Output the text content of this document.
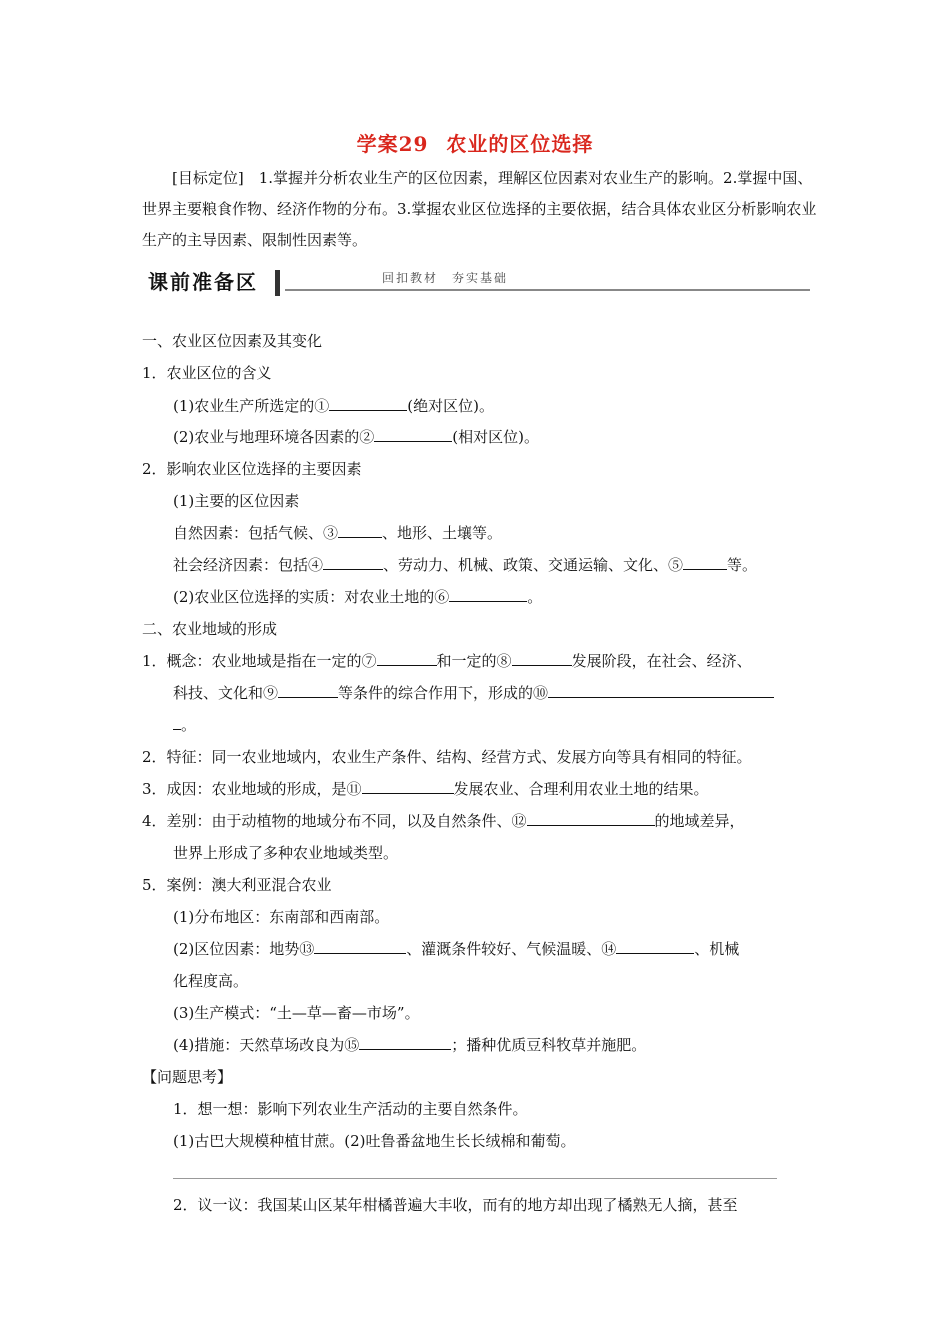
学案29 农业的区位选择
[目标定位]　1.掌握并分析农业生产的区位因素，理解区位因素对农业生产的影响。2.掌握中国、世界主要粮食作物、经济作物的分布。3.掌握农业区位选择的主要依据，结合具体农业区分析影响农业生产的主导因素、限制性因素等。
课前准备区	回扣教材　夯实基础
一、农业区位因素及其变化
1．农业区位的含义
(1)农业生产所选定的①	(绝对区位)。
(2)农业与地理环境各因素的②	(相对区位)。
2．影响农业区位选择的主要因素
(1)主要的区位因素
自然因素：包括气候、③	、地形、土壤等。
社会经济因素：包括④	、劳动力、机械、政策、交通运输、文化、⑤	等。
(2)农业区位选择的实质：对农业土地的⑥	。
二、农业地域的形成
1．概念：农业地域是指在一定的⑦	和一定的⑧	发展阶段，在社会、经济、
科技、文化和⑨	等条件的综合作用下，形成的⑩
。
2．特征：同一农业地域内，农业生产条件、结构、经营方式、发展方向等具有相同的特征。
3．成因：农业地域的形成，是⑪	发展农业、合理利用农业土地的结果。
4．差别：由于动植物的地域分布不同，以及自然条件、⑫	的地域差异，
世界上形成了多种农业地域类型。
5．案例：澳大利亚混合农业
(1)分布地区：东南部和西南部。
(2)区位因素：地势⑬	、灌溉条件较好、气候温暖、⑭	、机械
化程度高。
(3)生产模式：“土—草—畜—市场”。
(4)措施：天然草场改良为⑮	；播种优质豆科牧草并施肥。
【问题思考】
1．想一想：影响下列农业生产活动的主要自然条件。
(1)古巴大规模种植甘蔗。(2)吐鲁番盆地生长长绒棉和葡萄。
2．议一议：我国某山区某年柑橘普遍大丰收，而有的地方却出现了橘熟无人摘，甚至
